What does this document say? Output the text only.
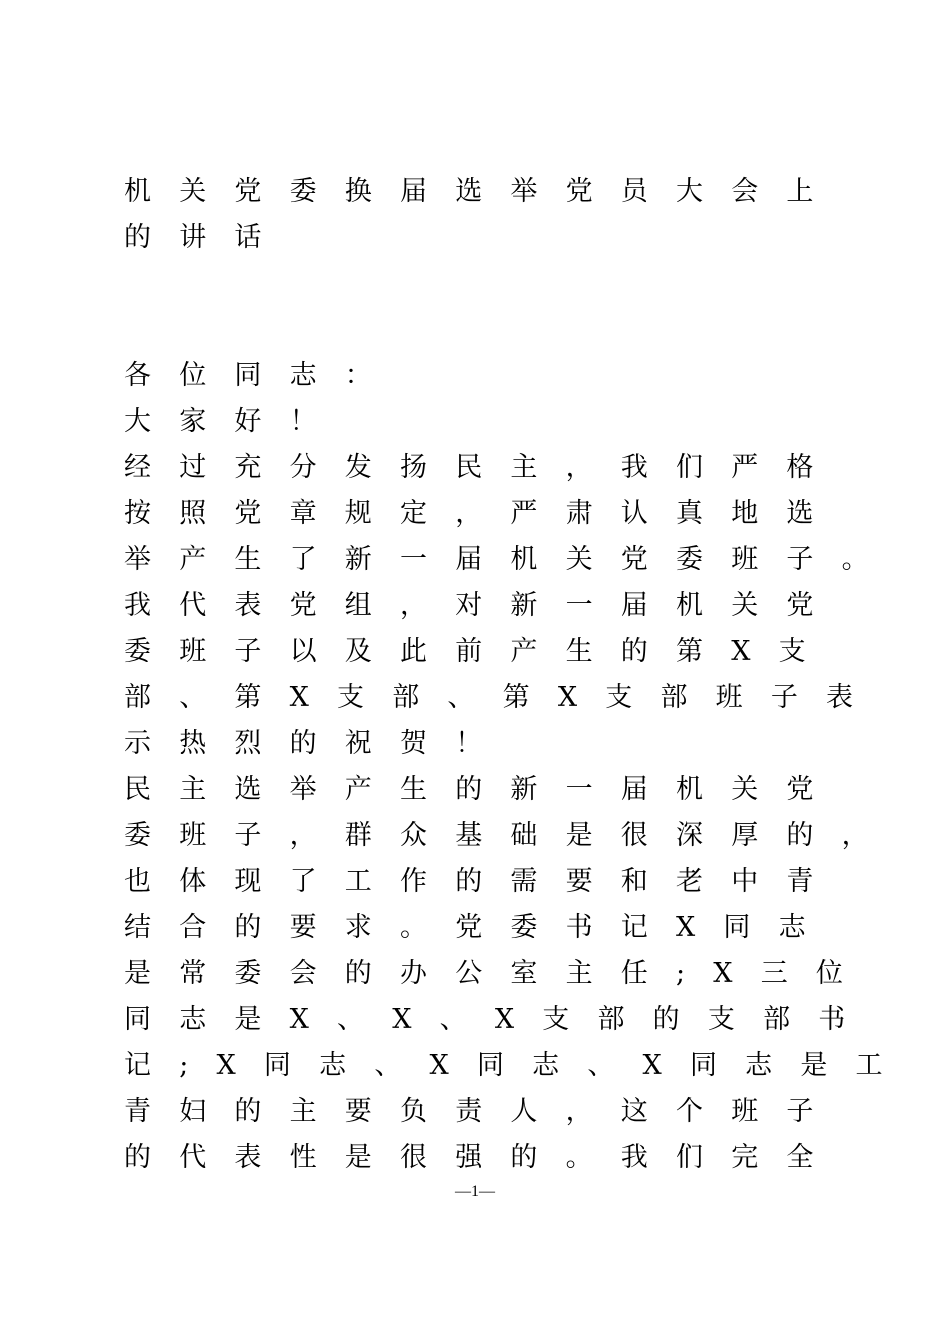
机关党委换届选举党员大会上
的讲话
各位同志：
大家好！
经过充分发扬民主，我们严格
按照党章规定，严肃认真地选
举产生了新一届机关党委班子。
我代表党组，对新一届机关党
委班子以及此前产生的第X支
部、第X支部、第X支部班子表
示热烈的祝贺！
民主选举产生的新一届机关党
委班子，群众基础是很深厚的，
也体现了工作的需要和老中青
结合的要求。党委书记X同志
是常委会的办公室主任;X三位
同志是X、X、X支部的支部书
记;X同志、X同志、X同志是工
青妇的主要负责人，这个班子
的代表性是很强的。我们完全
—1—
